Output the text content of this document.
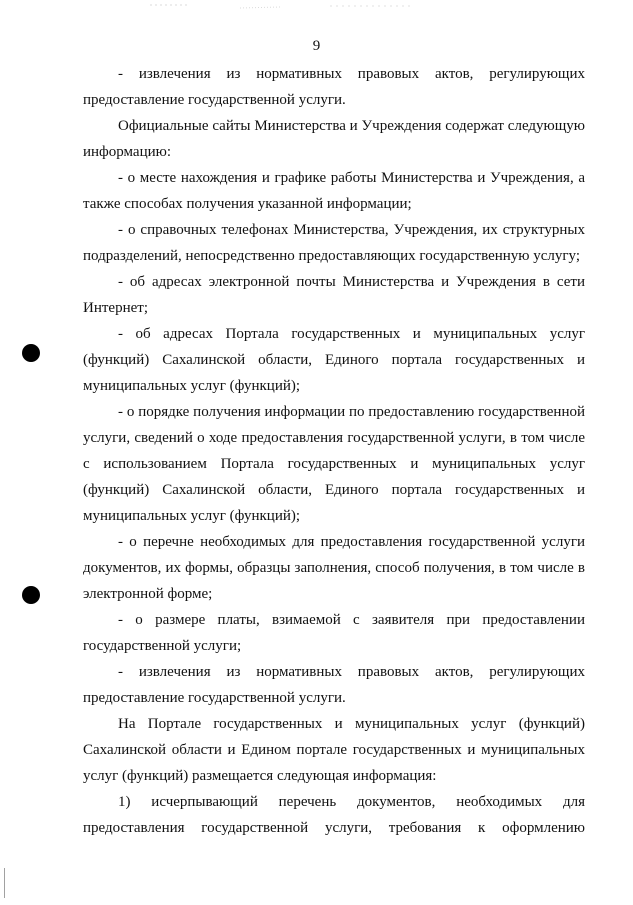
9
- извлечения из нормативных правовых актов, регулирующих
предоставление государственной услуги.
Официальные сайты Министерства и Учреждения содержат следующую
информацию:
- о месте нахождения и графике работы Министерства и Учреждения, а
также способах получения указанной информации;
- о справочных телефонах Министерства, Учреждения, их структурных
подразделений, непосредственно предоставляющих государственную услугу;
- об адресах электронной почты Министерства и Учреждения в сети
Интернет;
- об адресах Портала государственных и муниципальных услуг
(функций) Сахалинской области, Единого портала государственных и
муниципальных услуг (функций);
- о порядке получения информации по предоставлению государственной
услуги, сведений о ходе предоставления государственной услуги, в том числе
с использованием Портала государственных и муниципальных услуг
(функций) Сахалинской области, Единого портала государственных и
муниципальных услуг (функций);
- о перечне необходимых для предоставления государственной услуги
документов, их формы, образцы заполнения, способ получения, в том числе в
электронной форме;
- о размере платы, взимаемой с заявителя при предоставлении
государственной услуги;
- извлечения из нормативных правовых актов, регулирующих
предоставление государственной услуги.
На Портале государственных и муниципальных услуг (функций)
Сахалинской области и Едином портале государственных и муниципальных
услуг (функций) размещается следующая информация:
1) исчерпывающий перечень документов, необходимых для
предоставления государственной услуги, требования к оформлению
